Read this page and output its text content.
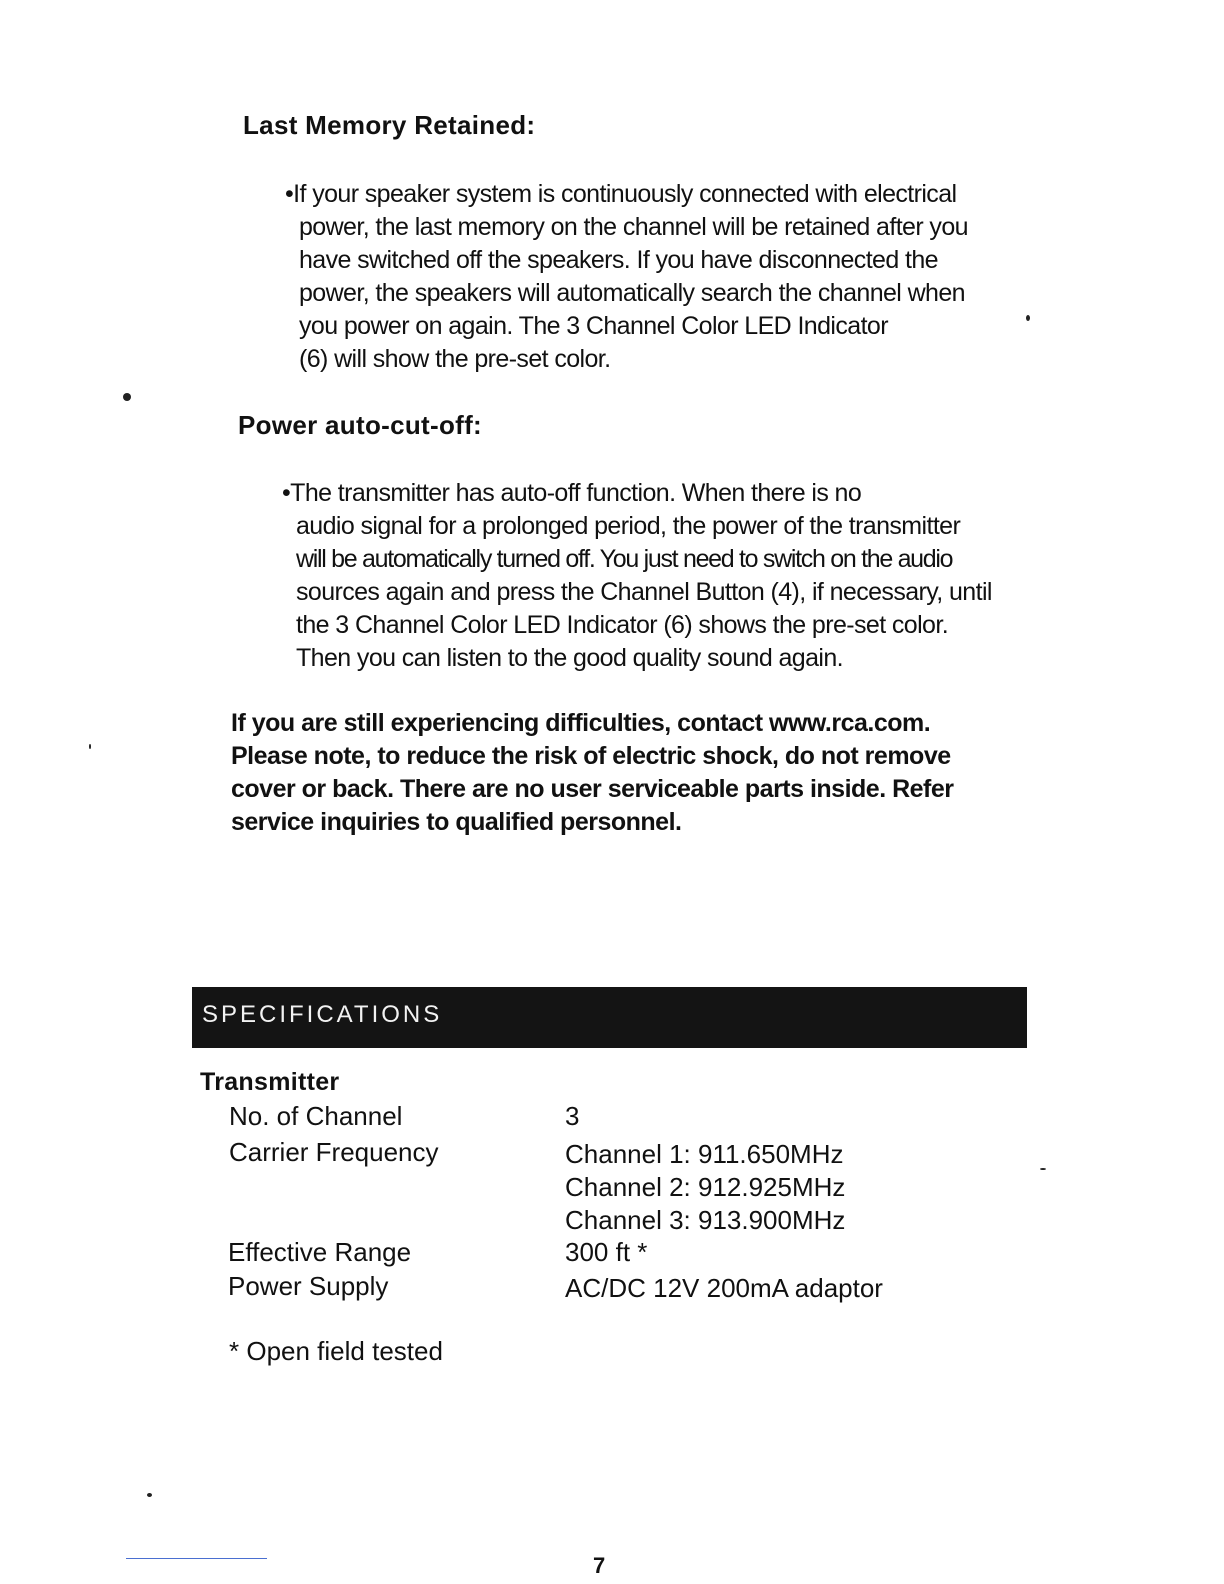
Last Memory Retained:
•If your speaker system is continuously connected with electrical
power, the last memory on the channel will be retained after you
have switched off the speakers. If you have disconnected the
power, the speakers will automatically search the channel when
you power on again. The 3 Channel Color LED Indicator
(6) will show the pre-set color.
Power auto-cut-off:
•The transmitter has auto-off function. When there is no
audio signal for a prolonged period, the power of the transmitter
will be automatically turned off. You just need to switch on the audio
sources again and press the Channel Button (4), if necessary, until
the 3 Channel Color LED Indicator (6) shows the pre-set color.
Then you can listen to the good quality sound again.
If you are still experiencing difficulties, contact www.rca.com.
Please note, to reduce the risk of electric shock, do not remove
cover or back. There are no user serviceable parts inside. Refer
service inquiries to qualified personnel.
SPECIFICATIONS
Transmitter
No. of Channel	3
Carrier Frequency	Channel 1: 911.650MHz
Channel 2: 912.925MHz
Channel 3: 913.900MHz
Effective Range	300 ft *
Power Supply	AC/DC 12V 200mA adaptor
* Open field tested
7
